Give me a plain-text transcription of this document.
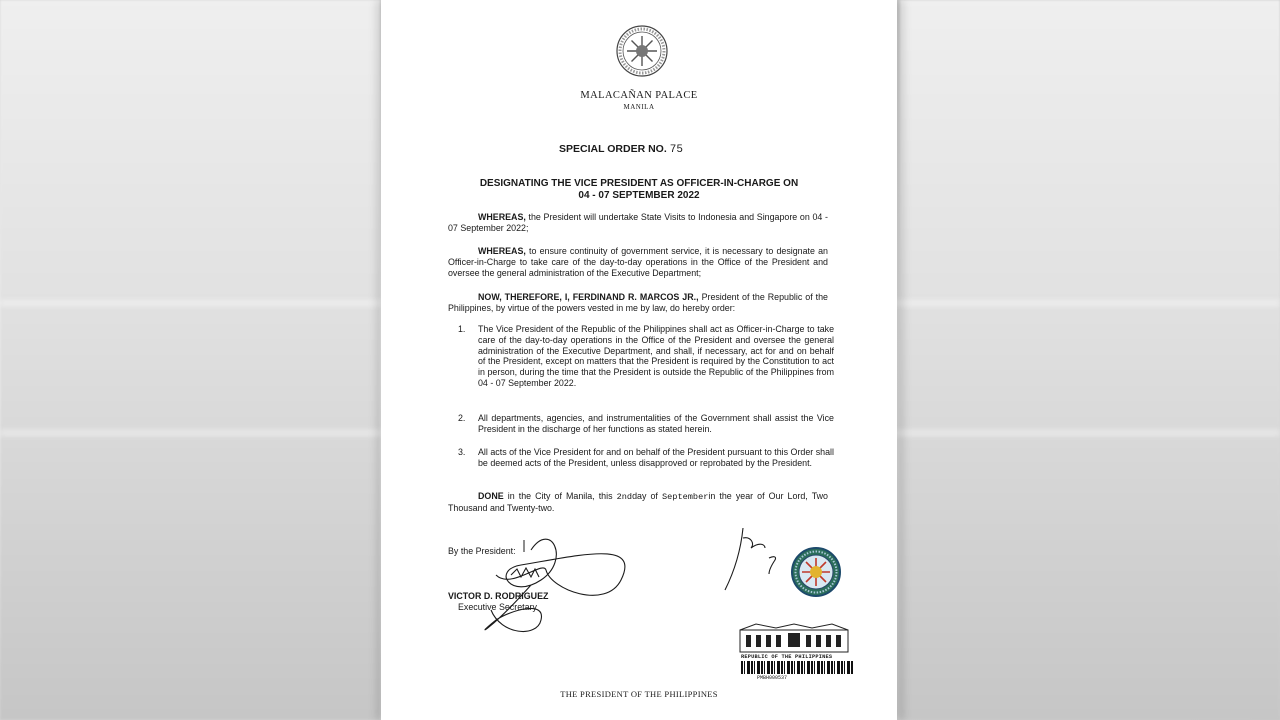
MALACAÑAN PALACE
MANILA
SPECIAL ORDER NO. 75
DESIGNATING THE VICE PRESIDENT AS OFFICER-IN-CHARGE ON
04 - 07 SEPTEMBER 2022
WHEREAS, the President will undertake State Visits to Indonesia and Singapore on 04 - 07 September 2022;
WHEREAS, to ensure continuity of government service, it is necessary to designate an Officer-in-Charge to take care of the day-to-day operations in the Office of the President and oversee the general administration of the Executive Department;
NOW, THEREFORE, I, FERDINAND R. MARCOS JR., President of the Republic of the Philippines, by virtue of the powers vested in me by law, do hereby order:
1. The Vice President of the Republic of the Philippines shall act as Officer-in-Charge to take care of the day-to-day operations in the Office of the President and oversee the general administration of the Executive Department, and shall, if necessary, act for and on behalf of the President, except on matters that the President is required by the Constitution to act in person, during the time that the President is outside the Republic of the Philippines from 04 - 07 September 2022.
2. All departments, agencies, and instrumentalities of the Government shall assist the Vice President in the discharge of her functions as stated herein.
3. All acts of the Vice President for and on behalf of the President pursuant to this Order shall be deemed acts of the President, unless disapproved or reprobated by the President.
DONE in the City of Manila, this 2ndday of Septemberin the year of Our Lord, Two Thousand and Twenty-two.
By the President:
VICTOR D. RODRIGUEZ
Executive Secretary
REPUBLIC OF THE PHILIPPINES
PMBH000537
THE PRESIDENT OF THE PHILIPPINES
